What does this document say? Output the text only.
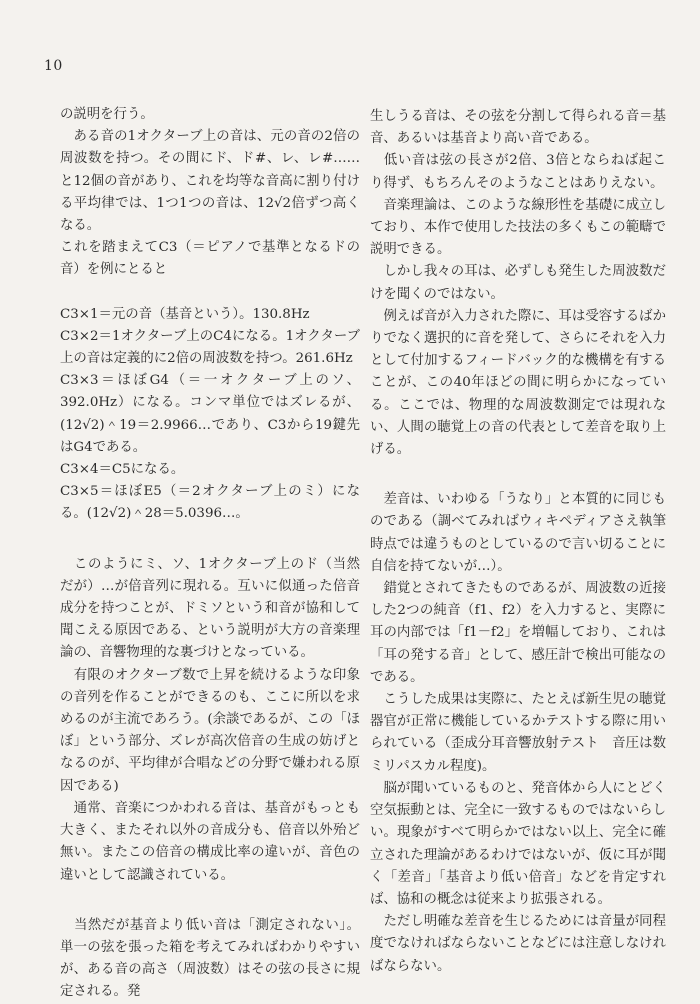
10

の説明を行う。

　ある音の1オクターブ上の音は、元の音の2倍の周波数を持つ。その間にド、ド#、レ、レ#……と12個の音があり、これを均等な音高に割り付ける平均律では、1つ1つの音は、12√2倍ずつ高くなる。

これを踏まえてC3（＝ピアノで基準となるドの音）を例にとると

C3×1＝元の音（基音という）。130.8Hz

C3×2＝1オクターブ上のC4になる。1オクターブ上の音は定義的に2倍の周波数を持つ。261.6Hz

C3×3＝ほぼG4（＝一オクターブ上のソ、392.0Hz）になる。コンマ単位ではズレるが、(12√2)＾19＝2.9966…であり、C3から19鍵先はG4である。

C3×4＝C5になる。

C3×5＝ほぼE5（＝2オクターブ上のミ）になる。(12√2)＾28＝5.0396…。

　このようにミ、ソ、1オクターブ上のド（当然だが）…が倍音列に現れる。互いに似通った倍音成分を持つことが、ドミソという和音が協和して聞こえる原因である、という説明が大方の音楽理論の、音響物理的な裏づけとなっている。

　有限のオクターブ数で上昇を続けるような印象の音列を作ることができるのも、ここに所以を求めるのが主流であろう。(余談であるが、この「ほぼ」という部分、ズレが高次倍音の生成の妨げとなるのが、平均律が合唱などの分野で嫌われる原因である)

　通常、音楽につかわれる音は、基音がもっとも大きく、またそれ以外の音成分も、倍音以外殆ど無い。またこの倍音の構成比率の違いが、音色の違いとして認識されている。

　当然だが基音より低い音は「測定されない」。単一の弦を張った箱を考えてみればわかりやすいが、ある音の高さ（周波数）はその弦の長さに規定される。発

生しうる音は、その弦を分割して得られる音＝基音、あるいは基音より高い音である。

　低い音は弦の長さが2倍、3倍とならねば起こり得ず、もちろんそのようなことはありえない。

　音楽理論は、このような線形性を基礎に成立しており、本作で使用した技法の多くもこの範疇で説明できる。

　しかし我々の耳は、必ずしも発生した周波数だけを聞くのではない。

　例えば音が入力された際に、耳は受容するばかりでなく選択的に音を発して、さらにそれを入力として付加するフィードバック的な機構を有することが、この40年ほどの間に明らかになっている。ここでは、物理的な周波数測定では現れない、人間の聴覚上の音の代表として差音を取り上げる。

　差音は、いわゆる「うなり」と本質的に同じものである（調べてみればウィキペディアさえ執筆時点では違うものとしているので言い切ることに自信を持てないが…）。

　錯覚とされてきたものであるが、周波数の近接した2つの純音（f1、f2）を入力すると、実際に耳の内部では「f1－f2」を増幅しており、これは「耳の発する音」として、感圧計で検出可能なのである。

　こうした成果は実際に、たとえば新生児の聴覚器官が正常に機能しているかテストする際に用いられている（歪成分耳音響放射テスト　音圧は数ミリパスカル程度)。

　脳が聞いているものと、発音体から人にとどく空気振動とは、完全に一致するものではないらしい。現象がすべて明らかではない以上、完全に確立された理論があるわけではないが、仮に耳が聞く「差音」「基音より低い倍音」などを肯定すれば、協和の概念は従来より拡張される。

　ただし明確な差音を生じるためには音量が同程度でなければならないことなどには注意しなければならない。
